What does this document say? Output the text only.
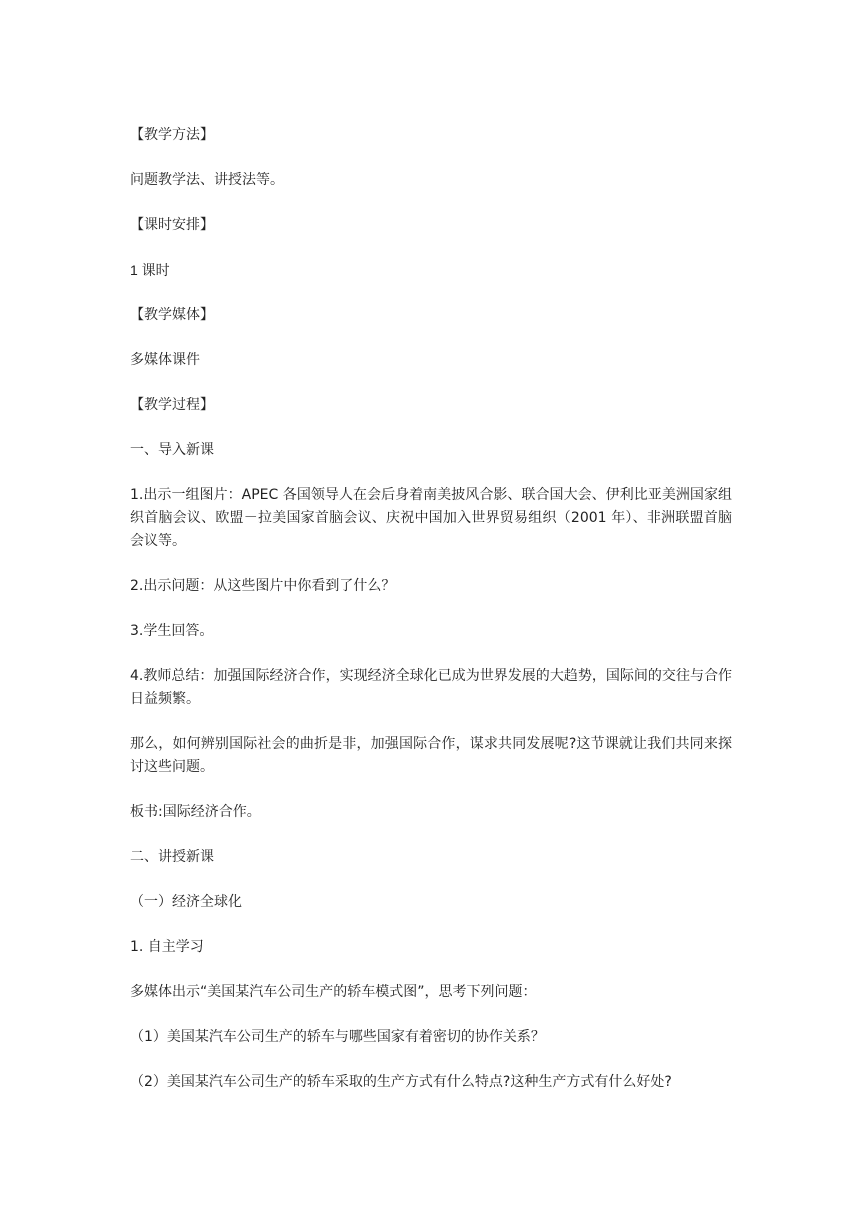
【教学方法】

问题教学法、讲授法等。

【课时安排】

1 课时

【教学媒体】

多媒体课件

【教学过程】

一、导入新课

1.出示一组图片：APEC 各国领导人在会后身着南美披风合影、联合国大会、伊利比亚美洲国家组织首脑会议、欧盟－拉美国家首脑会议、庆祝中国加入世界贸易组织（2001 年）、非洲联盟首脑会议等。

2.出示问题：从这些图片中你看到了什么？

3.学生回答。

4.教师总结：加强国际经济合作，实现经济全球化已成为世界发展的大趋势，国际间的交往与合作日益频繁。

那么，如何辨别国际社会的曲折是非，加强国际合作，谋求共同发展呢?这节课就让我们共同来探讨这些问题。

板书:国际经济合作。

二、讲授新课

（一）经济全球化

1. 自主学习

多媒体出示“美国某汽车公司生产的轿车模式图”，思考下列问题：

（1）美国某汽车公司生产的轿车与哪些国家有着密切的协作关系？

（2）美国某汽车公司生产的轿车采取的生产方式有什么特点?这种生产方式有什么好处?
